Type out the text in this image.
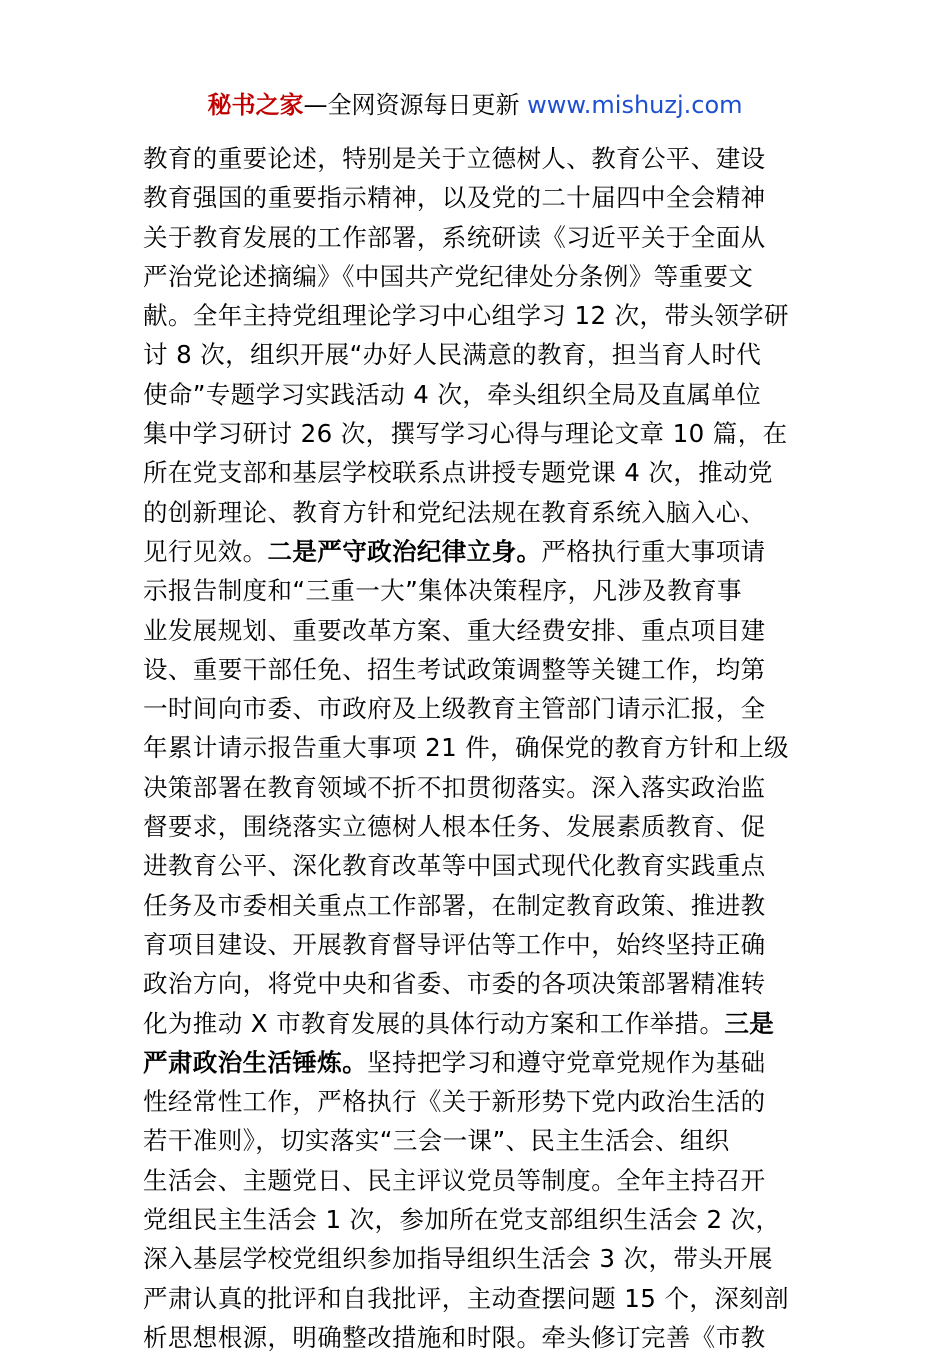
秘书之家—全网资源每日更新 www.mishuzj.com
教育的重要论述，特别是关于立德树人、教育公平、建设
教育强国的重要指示精神，以及党的二十届四中全会精神
关于教育发展的工作部署，系统研读《习近平关于全面从
严治党论述摘编》《中国共产党纪律处分条例》等重要文
献。全年主持党组理论学习中心组学习 12 次，带头领学研
讨 8 次，组织开展“办好人民满意的教育，担当育人时代
使命”专题学习实践活动 4 次，牵头组织全局及直属单位
集中学习研讨 26 次，撰写学习心得与理论文章 10 篇，在
所在党支部和基层学校联系点讲授专题党课 4 次，推动党
的创新理论、教育方针和党纪法规在教育系统入脑入心、
见行见效。二是严守政治纪律立身。严格执行重大事项请
示报告制度和“三重一大”集体决策程序，凡涉及教育事
业发展规划、重要改革方案、重大经费安排、重点项目建
设、重要干部任免、招生考试政策调整等关键工作，均第
一时间向市委、市政府及上级教育主管部门请示汇报，全
年累计请示报告重大事项 21 件，确保党的教育方针和上级
决策部署在教育领域不折不扣贯彻落实。深入落实政治监
督要求，围绕落实立德树人根本任务、发展素质教育、促
进教育公平、深化教育改革等中国式现代化教育实践重点
任务及市委相关重点工作部署，在制定教育政策、推进教
育项目建设、开展教育督导评估等工作中，始终坚持正确
政治方向，将党中央和省委、市委的各项决策部署精准转
化为推动 X 市教育发展的具体行动方案和工作举措。三是
严肃政治生活锤炼。坚持把学习和遵守党章党规作为基础
性经常性工作，严格执行《关于新形势下党内政治生活的
若干准则》，切实落实“三会一课”、民主生活会、组织
生活会、主题党日、民主评议党员等制度。全年主持召开
党组民主生活会 1 次，参加所在党支部组织生活会 2 次，
深入基层学校党组织参加指导组织生活会 3 次，带头开展
严肃认真的批评和自我批评，主动查摆问题 15 个，深刻剖
析思想根源，明确整改措施和时限。牵头修订完善《市教
